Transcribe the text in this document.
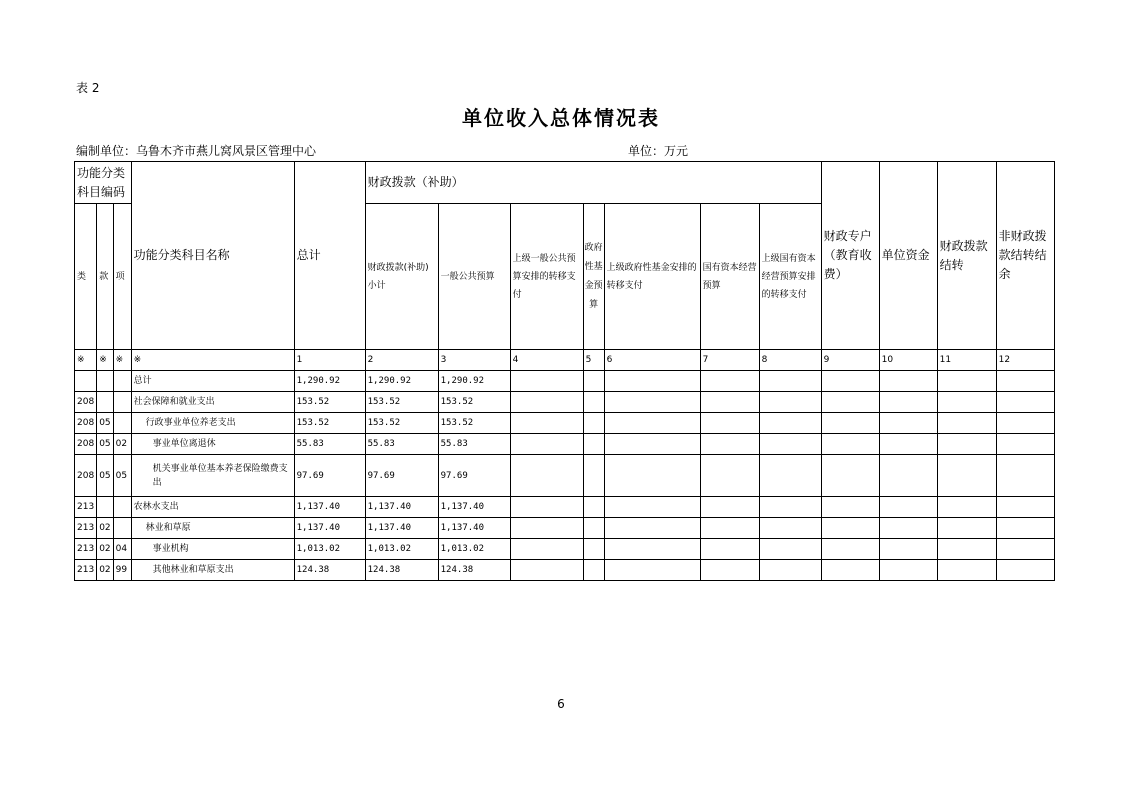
表 2
单位收入总体情况表
编制单位：乌鲁木齐市燕儿窝风景区管理中心	单位：万元
功能分类科目编码			功能分类科目名称	总计	财政拨款（补助）							财政专户（教育收费）	单位资金	财政拨款结转	非财政拨款结转结余
类	款	项			财政拨款(补助)小计	一般公共预算	上级一般公共预算安排的转移支付	政府性基金预算	上级政府性基金安排的转移支付	国有资本经营预算	上级国有资本经营预算安排的转移支付				
※	※	※	※	1	2	3	4	5	6	7	8	9	10	11	12
			总计	1,290.92	1,290.92	1,290.92									
208			社会保障和就业支出	153.52	153.52	153.52									
208	05		行政事业单位养老支出	153.52	153.52	153.52									
208	05	02	事业单位离退休	55.83	55.83	55.83									
208	05	05	机关事业单位基本养老保险缴费支出	97.69	97.69	97.69									
213			农林水支出	1,137.40	1,137.40	1,137.40									
213	02		林业和草原	1,137.40	1,137.40	1,137.40									
213	02	04	事业机构	1,013.02	1,013.02	1,013.02									
213	02	99	其他林业和草原支出	124.38	124.38	124.38									
6
